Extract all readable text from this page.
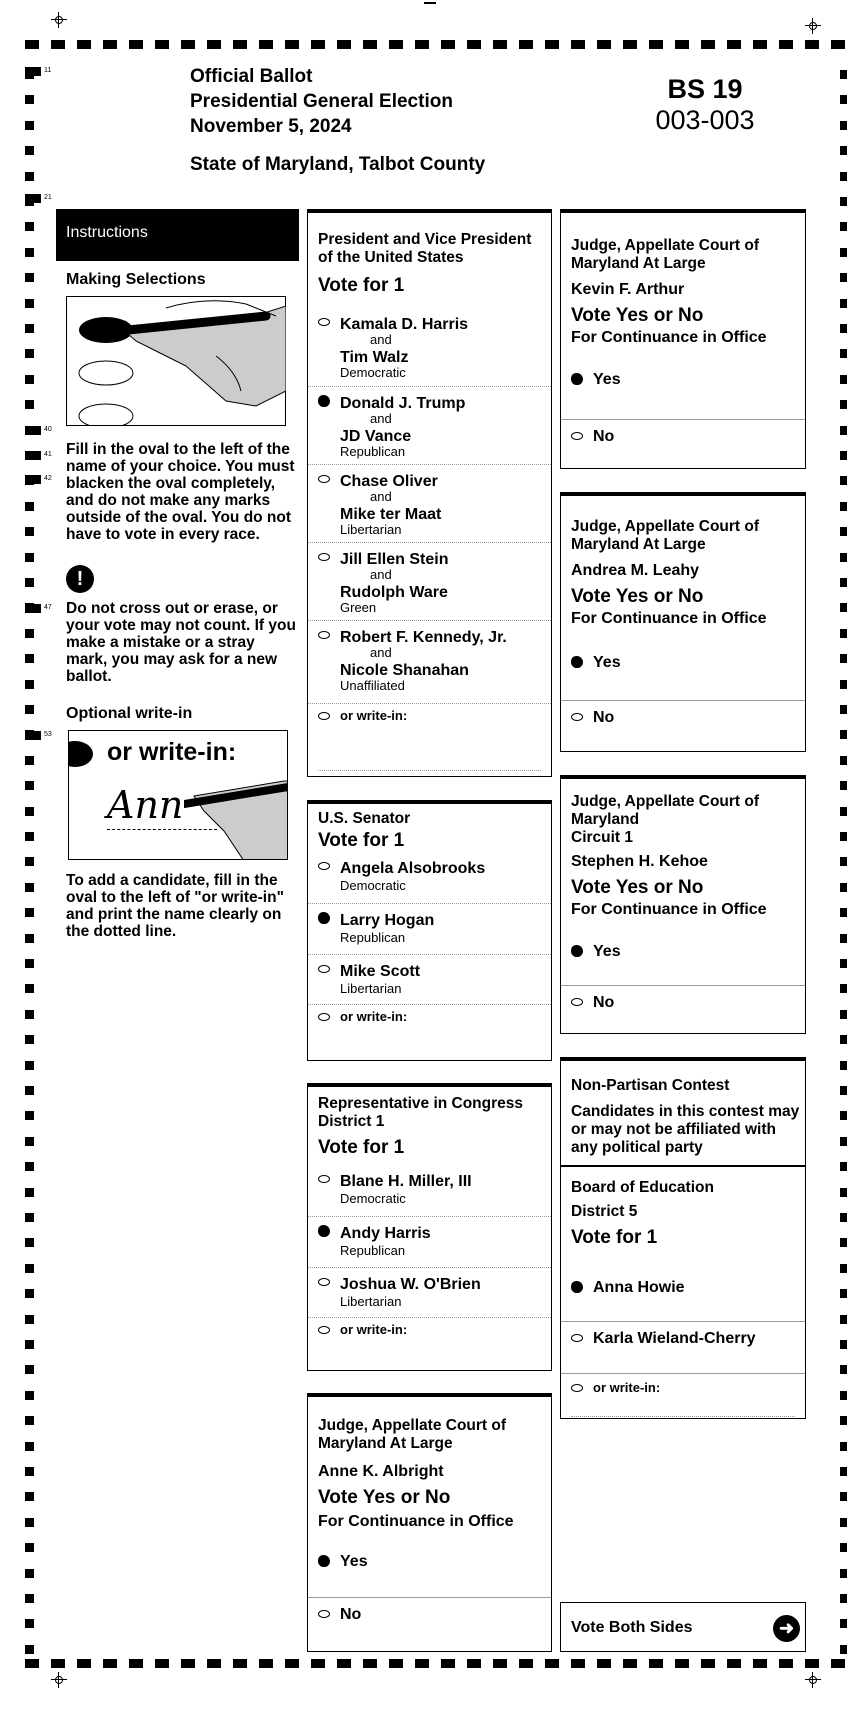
11
21
40
41
42
47
53
Official Ballot
Presidential General Election
November 5, 2024
State of Maryland, Talbot County
BS 19
003-003
Instructions
Making Selections
Fill in the oval to the left of the name of your choice. You must blacken the oval completely, and do not make any marks outside of the oval. You do not have to vote in every race.
!
Do not cross out or erase, or your vote may not count. If you make a mistake or a stray mark, you may ask for a new ballot.
Optional write-in
or write-in:
Ann
To add a candidate, fill in the oval to the left of "or write-in" and print the name clearly on the dotted line.
President and Vice President of the United States
Vote for 1
Kamala D. Harris
and
Tim Walz
Democratic
Donald J. Trump
and
JD Vance
Republican
Chase Oliver
and
Mike ter Maat
Libertarian
Jill Ellen Stein
and
Rudolph Ware
Green
Robert F. Kennedy, Jr.
and
Nicole Shanahan
Unaffiliated
or write-in:
U.S. Senator
Vote for 1
Angela Alsobrooks
Democratic
Larry Hogan
Republican
Mike Scott
Libertarian
or write-in:
Representative in Congress District 1
Vote for 1
Blane H. Miller, III
Democratic
Andy Harris
Republican
Joshua W. O'Brien
Libertarian
or write-in:
Judge, Appellate Court of Maryland At Large
Anne K. Albright
Vote Yes or No
For Continuance in Office
Yes
No
Judge, Appellate Court of Maryland At Large
Kevin F. Arthur
Vote Yes or No
For Continuance in Office
Yes
No
Judge, Appellate Court of Maryland At Large
Andrea M. Leahy
Vote Yes or No
For Continuance in Office
Yes
No
Judge, Appellate Court of Maryland
Circuit 1
Stephen H. Kehoe
Vote Yes or No
For Continuance in Office
Yes
No
Non-Partisan Contest
Candidates in this contest may or may not be affiliated with any political party
Board of Education
District 5
Vote for 1
Anna Howie
Karla Wieland-Cherry
or write-in:
Vote Both Sides	➜
